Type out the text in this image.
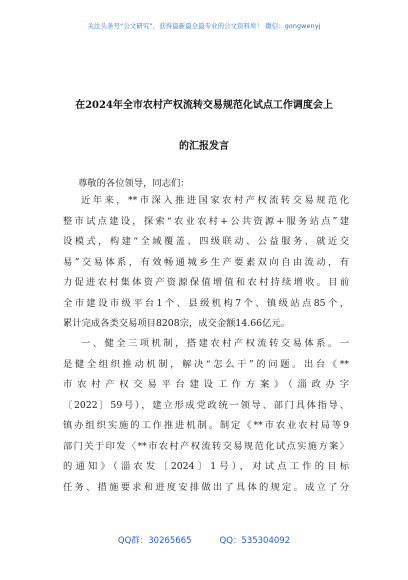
关注头条号“公文研究”，获得最新最全最专业的公文资料库！ 微信：gongwenyj
在2024年全市农村产权流转交易规范化试点工作调度会上
的汇报发言
尊敬的各位领导，同志们：
近年来，**市深入推进国家农村产权流转交易规范化
整市试点建设，探索“农业农村+公共资源+服务站点”建
设模式，构建“全域覆盖、四级联动、公益服务、就近交
易”交易体系，有效畅通城乡生产要素双向自由流动，有
力促进农村集体资产资源保值增值和农村持续增收。目前
全市建设市级平台1个、县级机构7个、镇级站点85个，
累计完成各类交易项目8208宗，成交金额14.66亿元。
一、健全三项机制，搭建农村产权流转交易体系。一
是健全组织推动机制，解决“怎么干”的问题。出台《**
市农村产权交易平台建设工作方案》（淄政办字
〔2022〕59号），建立形成党政统一领导、部门具体指导、
镇办组织实施的工作推进机制。制定《**市农业农村局等9
部门关于印发〈**市农村产权流转交易规范化试点实施方案〉
的通知》（淄农发〔2024〕1号），对试点工作的目标
任务、措施要求和进度安排做出了具体的规定。成立了分
QQ群：30265665	QQ：535304092
